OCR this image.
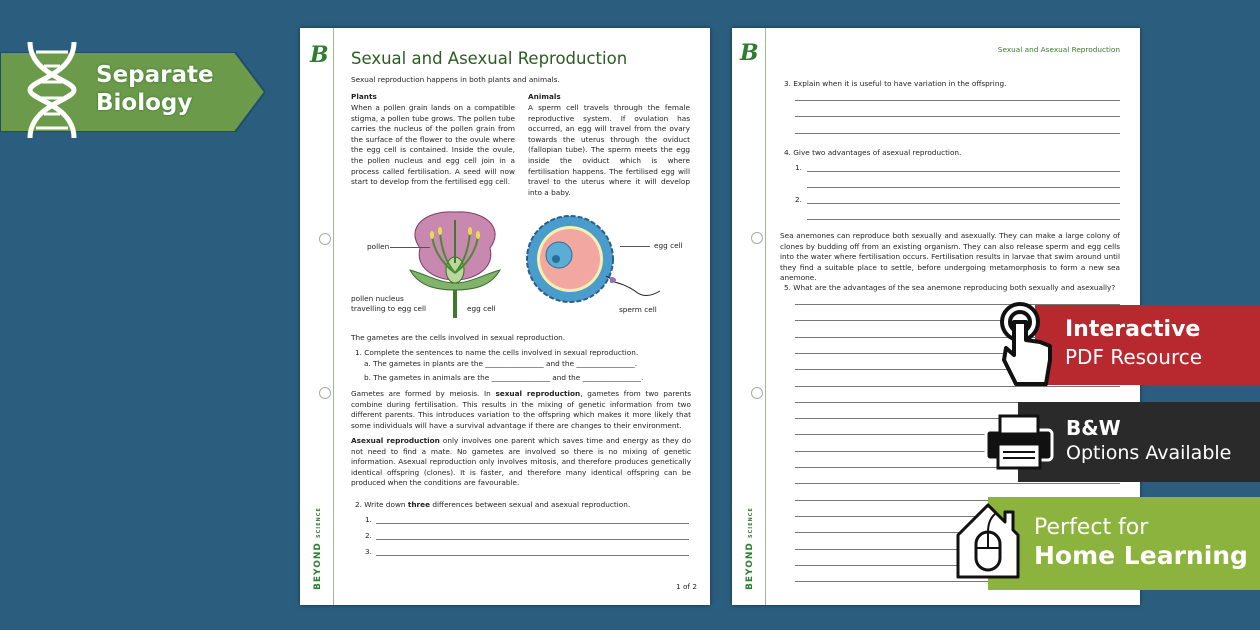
Separate
Biology
B Sexual and Asexual Reproduction
Sexual reproduction happens in both plants and animals.
Plants
When a pollen grain lands on a compatible stigma, a pollen tube grows. The pollen tube carries the nucleus of the pollen grain from the surface of the flower to the ovule where the egg cell is contained. Inside the ovule, the pollen nucleus and egg cell join in a process called fertilisation. A seed will now start to develop from the fertilised egg cell.
Animals
A sperm cell travels through the female reproductive system. If ovulation has occurred, an egg will travel from the ovary towards the uterus through the oviduct (fallopian tube). The sperm meets the egg inside the oviduct which is where fertilisation happens. The fertilised egg will travel to the uterus where it will develop into a baby.
pollen
pollen nucleus
travelling to egg cell	egg cell
egg cell
sperm cell
The gametes are the cells involved in sexual reproduction.
1. Complete the sentences to name the cells involved in sexual reproduction.
a. The gametes in plants are the ________________ and the ________________.
b. The gametes in animals are the ________________ and the ________________.
Gametes are formed by meiosis. In sexual reproduction, gametes from two parents combine during fertilisation. This results in the mixing of genetic information from two different parents. This introduces variation to the offspring which makes it more likely that some individuals will have a survival advantage if there are changes to their environment.
Asexual reproduction only involves one parent which saves time and energy as they do not need to find a mate. No gametes are involved so there is no mixing of genetic information. Asexual reproduction only involves mitosis, and therefore produces genetically identical offspring (clones). It is faster, and therefore many identical offspring can be produced when the conditions are favourable.
2. Write down three differences between sexual and asexual reproduction.
1.
2.
3.
BEYOND SCIENCE
1 of 2
B	Sexual and Asexual Reproduction
3. Explain when it is useful to have variation in the offspring.
4. Give two advantages of asexual reproduction.
1.
2.
Sea anemones can reproduce both sexually and asexually. They can make a large colony of clones by budding off from an existing organism. They can also release sperm and egg cells into the water where fertilisation occurs. Fertilisation results in larvae that swim around until they find a suitable place to settle, before undergoing metamorphosis to form a new sea anemone.
5. What are the advantages of the sea anemone reproducing both sexually and asexually?
BEYOND SCIENCE
Interactive
PDF Resource
B&W
Options Available
Perfect for
Home Learning
